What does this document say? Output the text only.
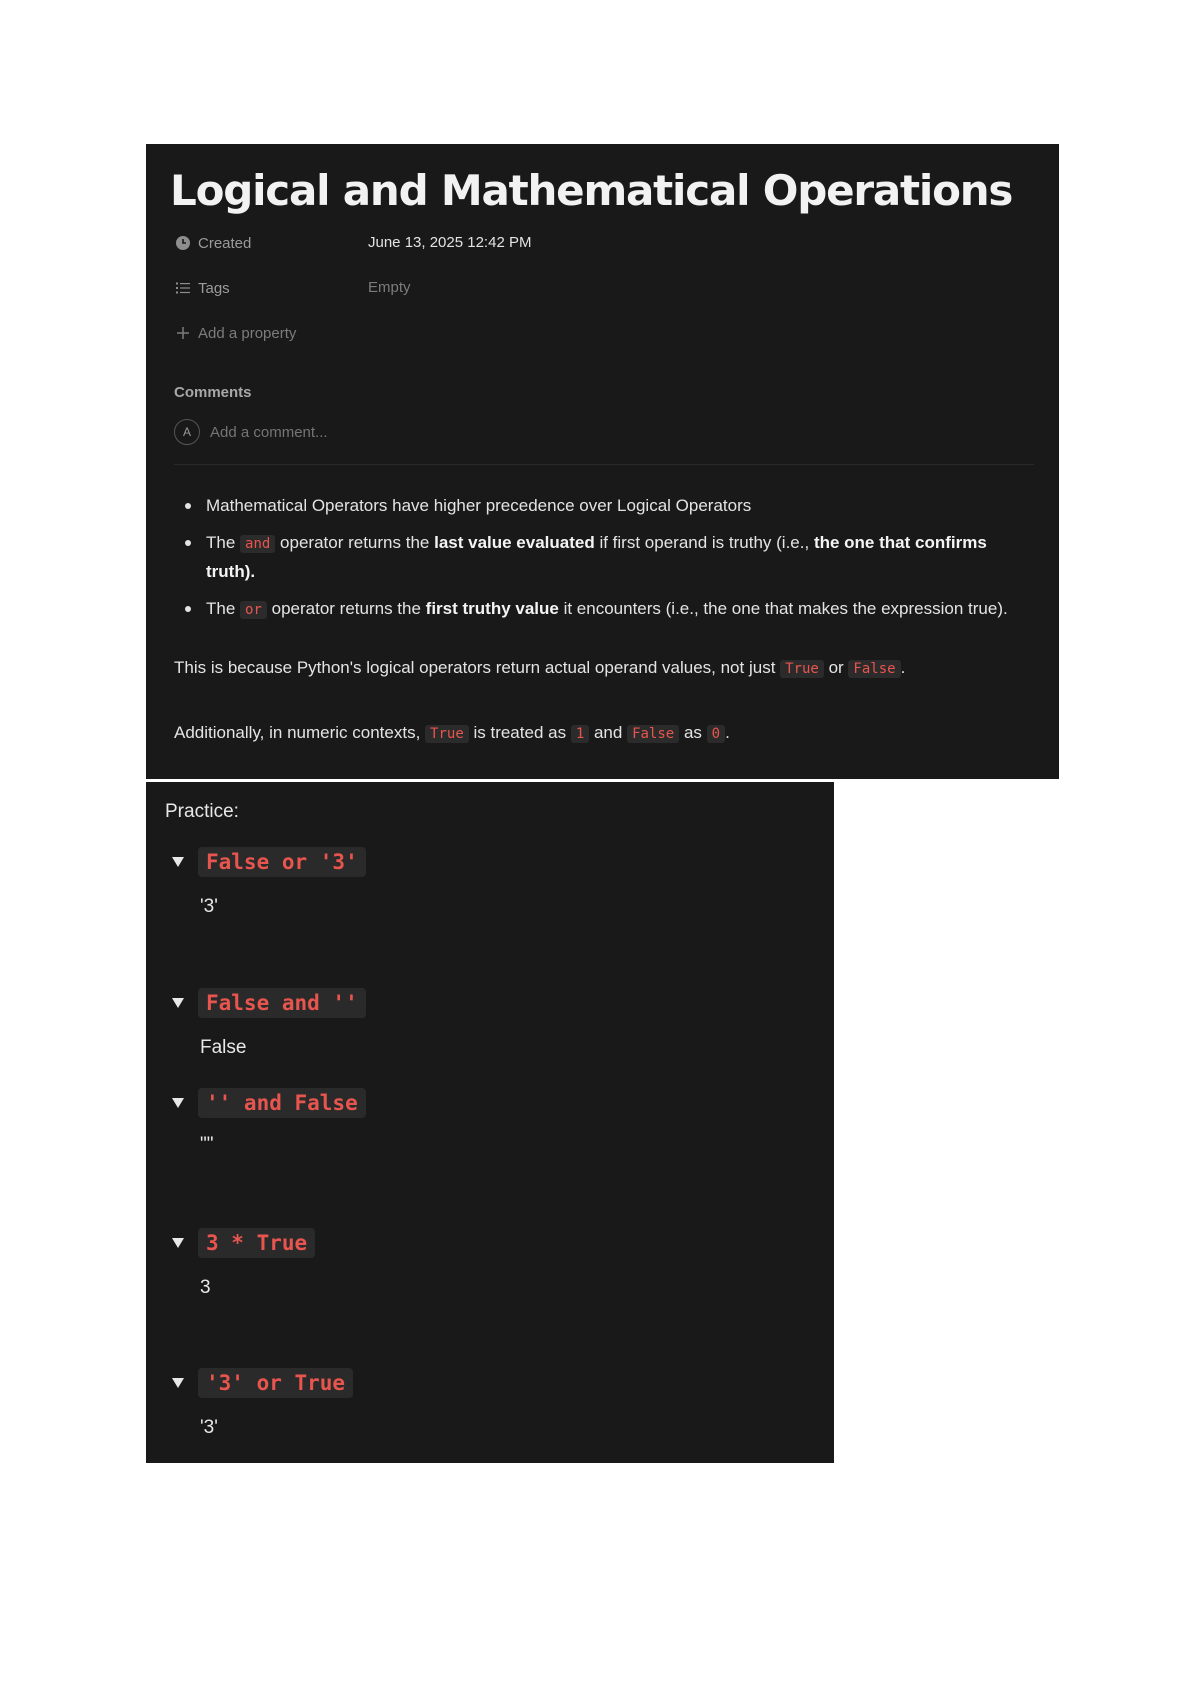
Logical and Mathematical Operations
Created	June 13, 2025 12:42 PM
Tags	Empty
Add a property
Comments
A
Add a comment...
Mathematical Operators have higher precedence over Logical Operators
The and operator returns the last value evaluated if first operand is truthy (i.e., the one that confirms truth).
The or operator returns the first truthy value it encounters (i.e., the one that makes the expression true).
This is because Python's logical operators return actual operand values, not just True or False .
Additionally, in numeric contexts, True is treated as 1 and False as 0 .
Practice:
False or '3'
'3'
False and ''
False
'' and False
""
3 * True
3
'3' or True
'3'
